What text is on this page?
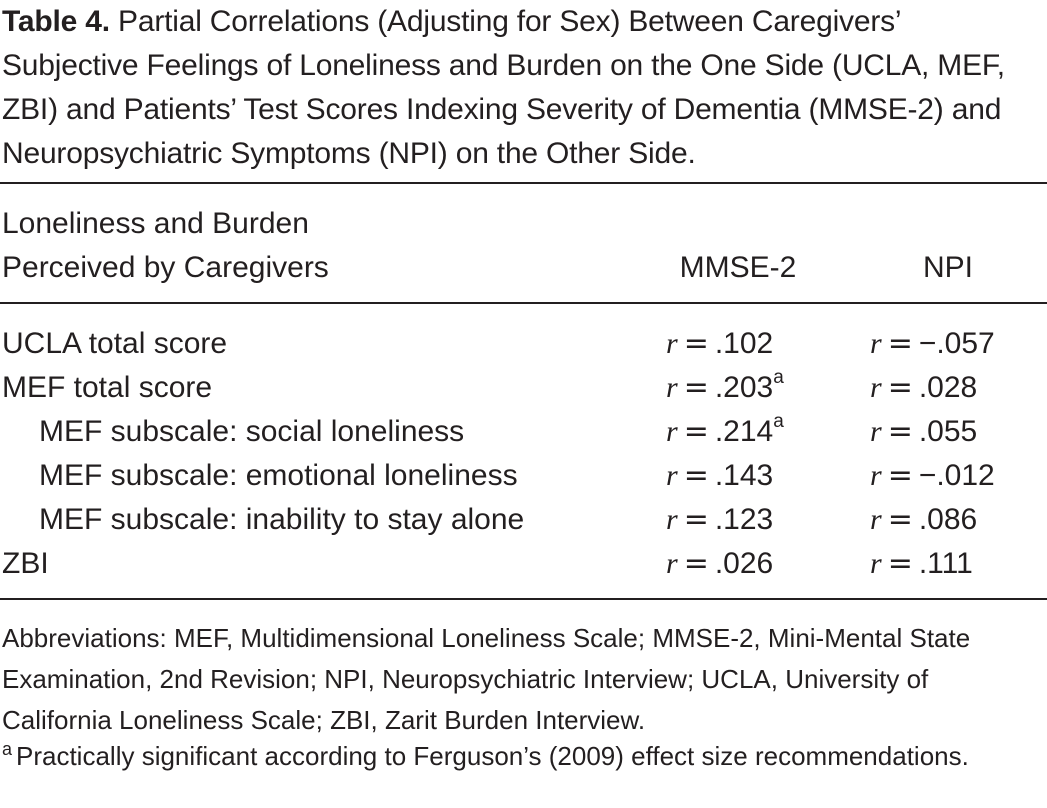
Table 4. Partial Correlations (Adjusting for Sex) Between Caregivers’ Subjective Feelings of Loneliness and Burden on the One Side (UCLA, MEF, ZBI) and Patients’ Test Scores Indexing Severity of Dementia (MMSE-2) and Neuropsychiatric Symptoms (NPI) on the Other Side.
Loneliness and Burden
Perceived by Caregivers	MMSE-2	NPI
UCLA total score	r = .102	r = −.057
MEF total score	r = .203$^a$	r = .028
MEF subscale: social loneliness	r = .214$^a$	r = .055
MEF subscale: emotional loneliness	r = .143	r = −.012
MEF subscale: inability to stay alone	r = .123	r = .086
ZBI	r = .026	r = .111
Abbreviations: MEF, Multidimensional Loneliness Scale; MMSE-2, Mini-Mental State Examination, 2nd Revision; NPI, Neuropsychiatric Interview; UCLA, University of California Loneliness Scale; ZBI, Zarit Burden Interview.
a Practically significant according to Ferguson’s (2009) effect size recommendations.
